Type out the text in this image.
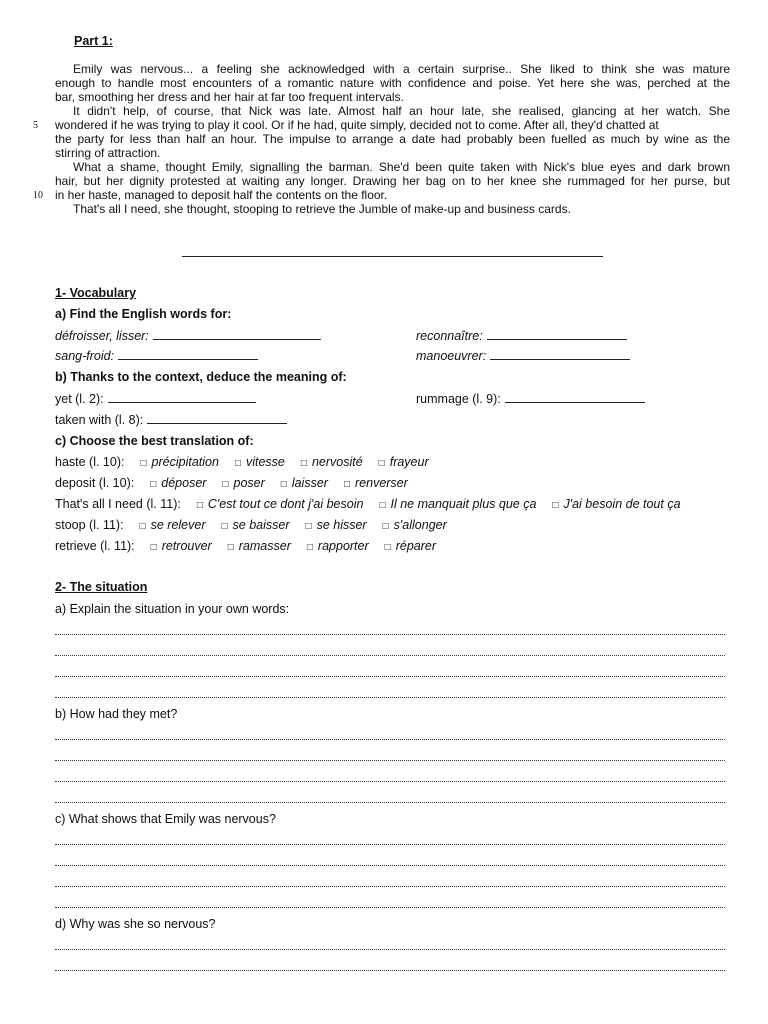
Part 1:
Emily was nervous... a feeling she acknowledged with a certain surprise.. She liked to think she was mature
enough to handle most encounters of a romantic nature with confidence and poise. Yet here she was, perched at the
bar, smoothing her dress and her hair at far too frequent intervals.
It didn't help, of course, that Nick was late. Almost half an hour late, she realised, glancing at her watch. She
wondered if he was trying to play it cool. Or if he had, quite simply, decided not to come. After all, they'd chatted at
the party for less than half an hour. The impulse to arrange a date had probably been fuelled as much by wine as the
stirring of attraction.
What a shame, thought Emily, signalling the barman. She'd been quite taken with Nick's blue eyes and dark brown
hair, but her dignity protested at waiting any longer. Drawing her bag on to her knee she rummaged for her purse, but
in her haste, managed to deposit half the contents on the floor.
That's all I need, she thought, stooping to retrieve the Jumble of make-up and business cards.
5
10
1- Vocabulary
a) Find the English words for:
défroisser, lisser:	reconnaître:
sang-froid:	manoeuvrer:
b) Thanks to the context, deduce the meaning of:
yet (l. 2):	rummage (l. 9):
taken with (l. 8):
c) Choose the best translation of:
haste (l. 10): □ précipitation □ vitesse □ nervosité □ frayeur
deposit (l. 10): □ déposer □ poser □ laisser □ renverser
That's all I need (l. 11): □ C'est tout ce dont j'ai besoin □ Il ne manquait plus que ça □ J'ai besoin de tout ça
stoop (l. 11): □ se relever □ se baisser □ se hisser □ s'allonger
retrieve (l. 11): □ retrouver □ ramasser □ rapporter □ réparer
2- The situation
a) Explain the situation in your own words:
b) How had they met?
c) What shows that Emily was nervous?
d) Why was she so nervous?
